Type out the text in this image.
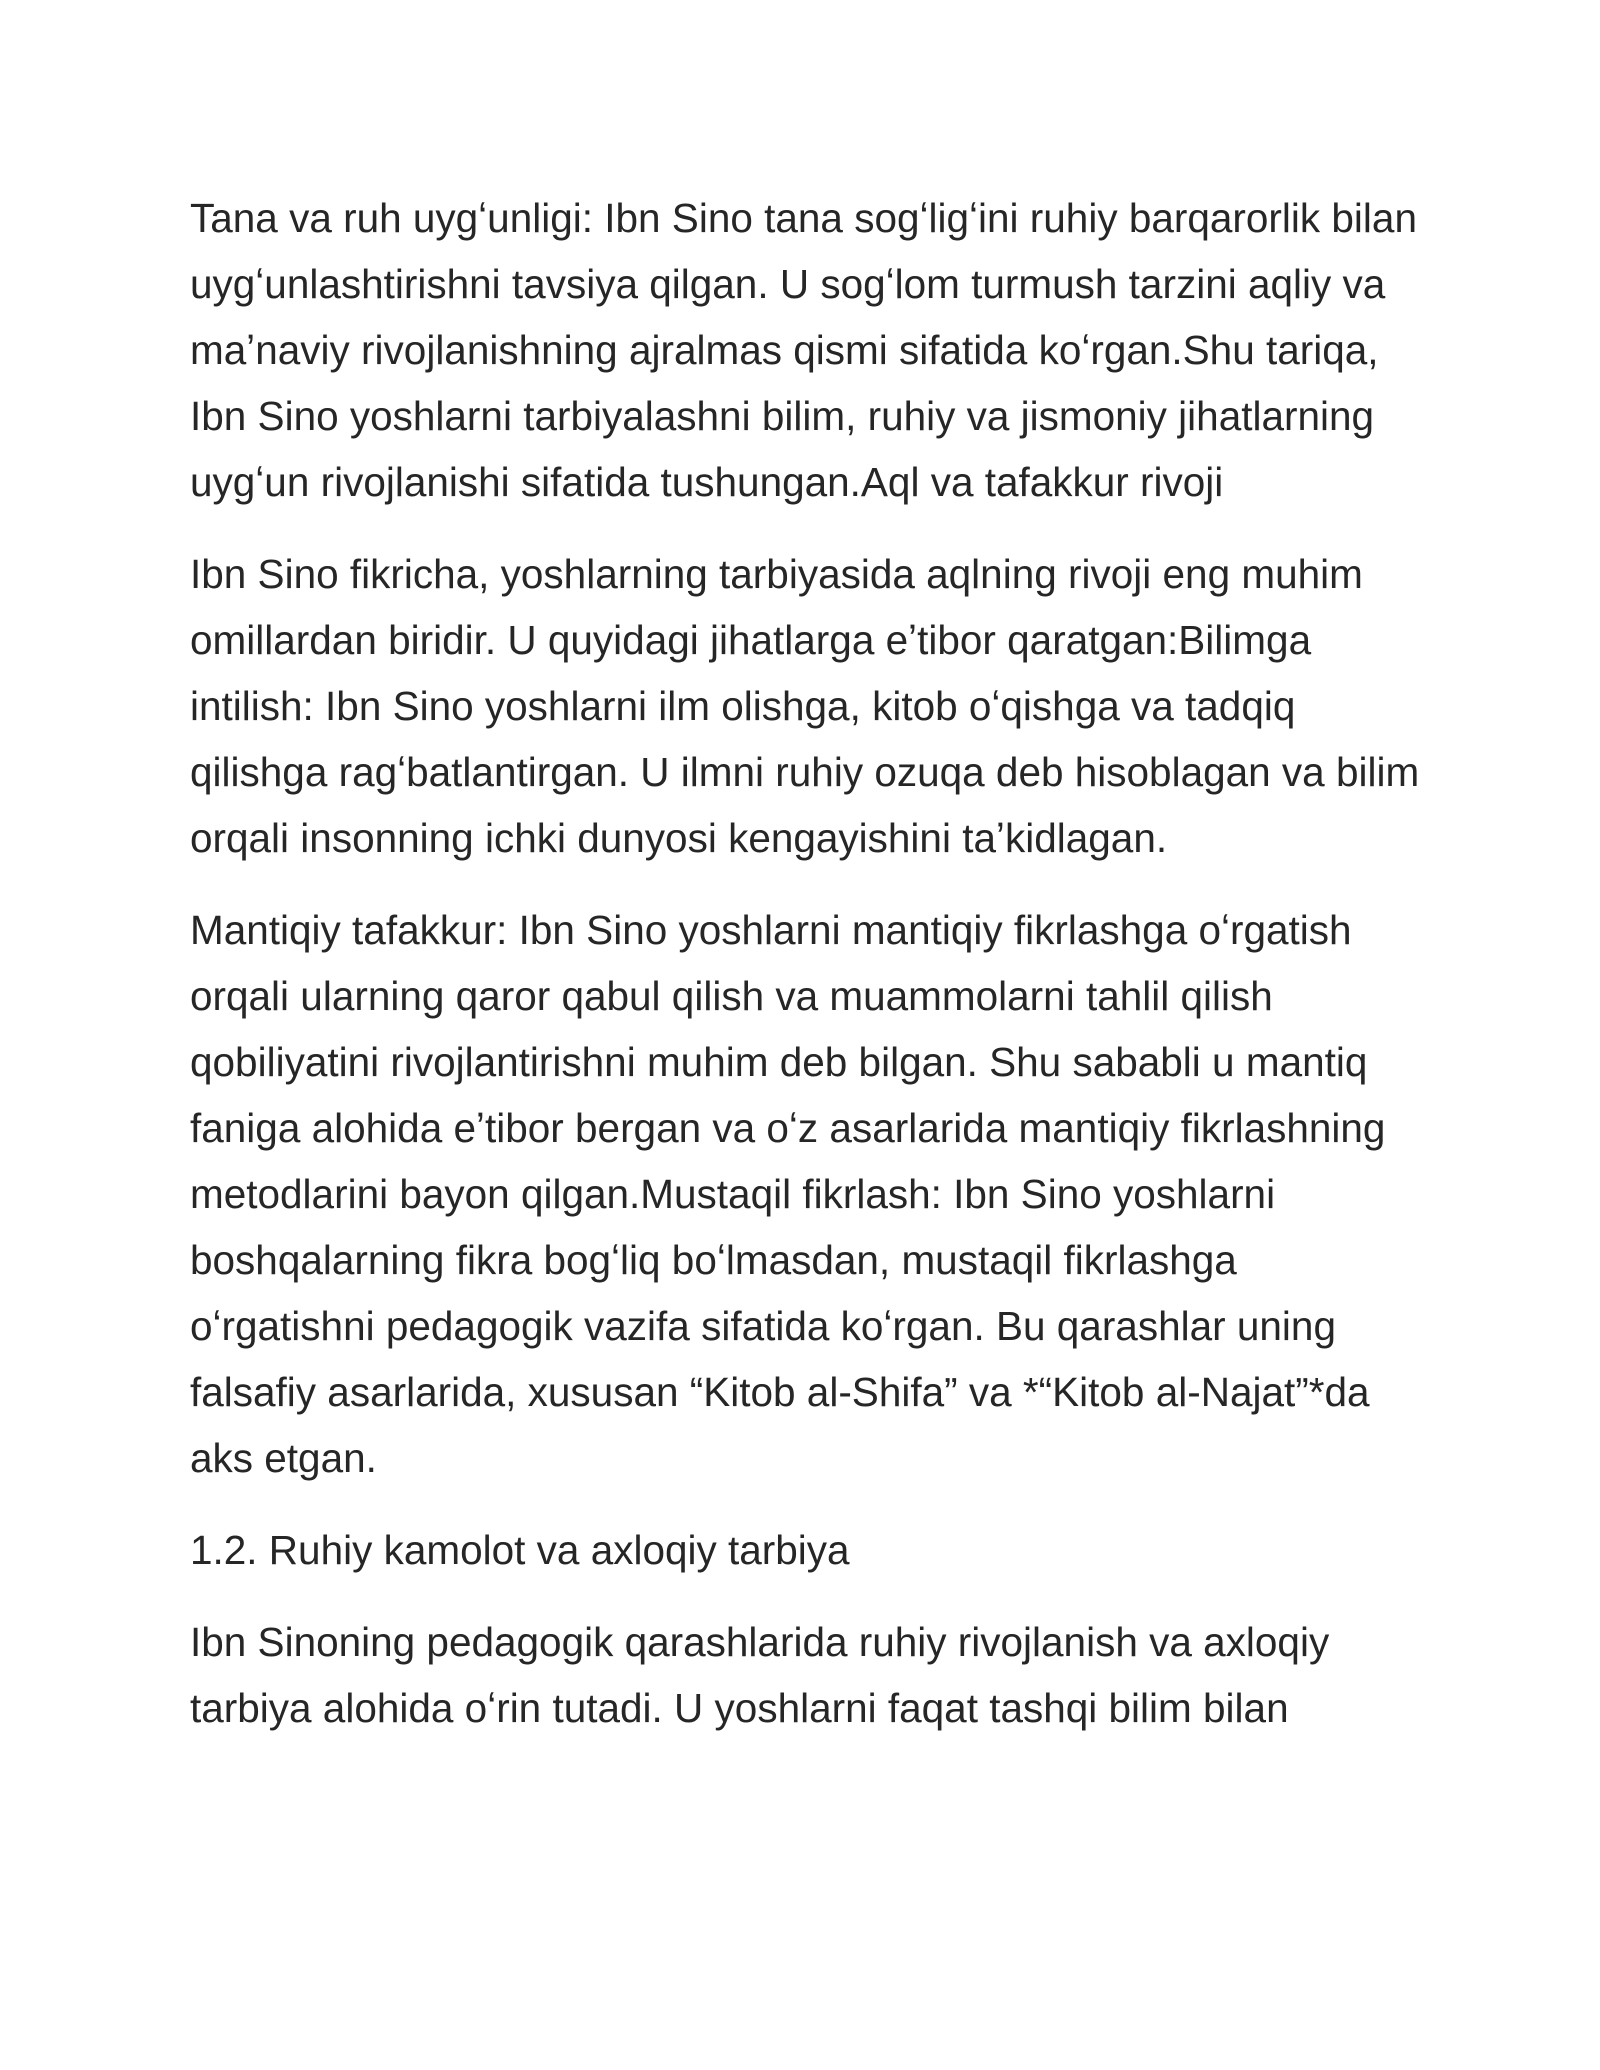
Tana va ruh uygʻunligi: Ibn Sino tana sogʻligʻini ruhiy barqarorlik bilan uygʻunlashtirishni tavsiya qilgan. U sogʻlom turmush tarzini aqliy va maʼnaviy rivojlanishning ajralmas qismi sifatida koʻrgan.Shu tariqa, Ibn Sino yoshlarni tarbiyalashni bilim, ruhiy va jismoniy jihatlarning uygʻun rivojlanishi sifatida tushungan.Aql va tafakkur rivoji

Ibn Sino fikricha, yoshlarning tarbiyasida aqlning rivoji eng muhim omillardan biridir. U quyidagi jihatlarga eʼtibor qaratgan:Bilimga intilish: Ibn Sino yoshlarni ilm olishga, kitob oʻqishga va tadqiq qilishga ragʻbatlantirgan. U ilmni ruhiy ozuqa deb hisoblagan va bilim orqali insonning ichki dunyosi kengayishini taʼkidlagan.

Mantiqiy tafakkur: Ibn Sino yoshlarni mantiqiy fikrlashga oʻrgatish orqali ularning qaror qabul qilish va muammolarni tahlil qilish qobiliyatini rivojlantirishni muhim deb bilgan. Shu sababli u mantiq faniga alohida eʼtibor bergan va oʻz asarlarida mantiqiy fikrlashning metodlarini bayon qilgan.Mustaqil fikrlash: Ibn Sino yoshlarni boshqalarning fikra bogʻliq boʻlmasdan, mustaqil fikrlashga oʻrgatishni pedagogik vazifa sifatida koʻrgan. Bu qarashlar uning falsafiy asarlarida, xususan “Kitob al-Shifa” va *“Kitob al-Najat”*da aks etgan.

1.2. Ruhiy kamolot va axloqiy tarbiya

Ibn Sinoning pedagogik qarashlarida ruhiy rivojlanish va axloqiy tarbiya alohida oʻrin tutadi. U yoshlarni faqat tashqi bilim bilan
